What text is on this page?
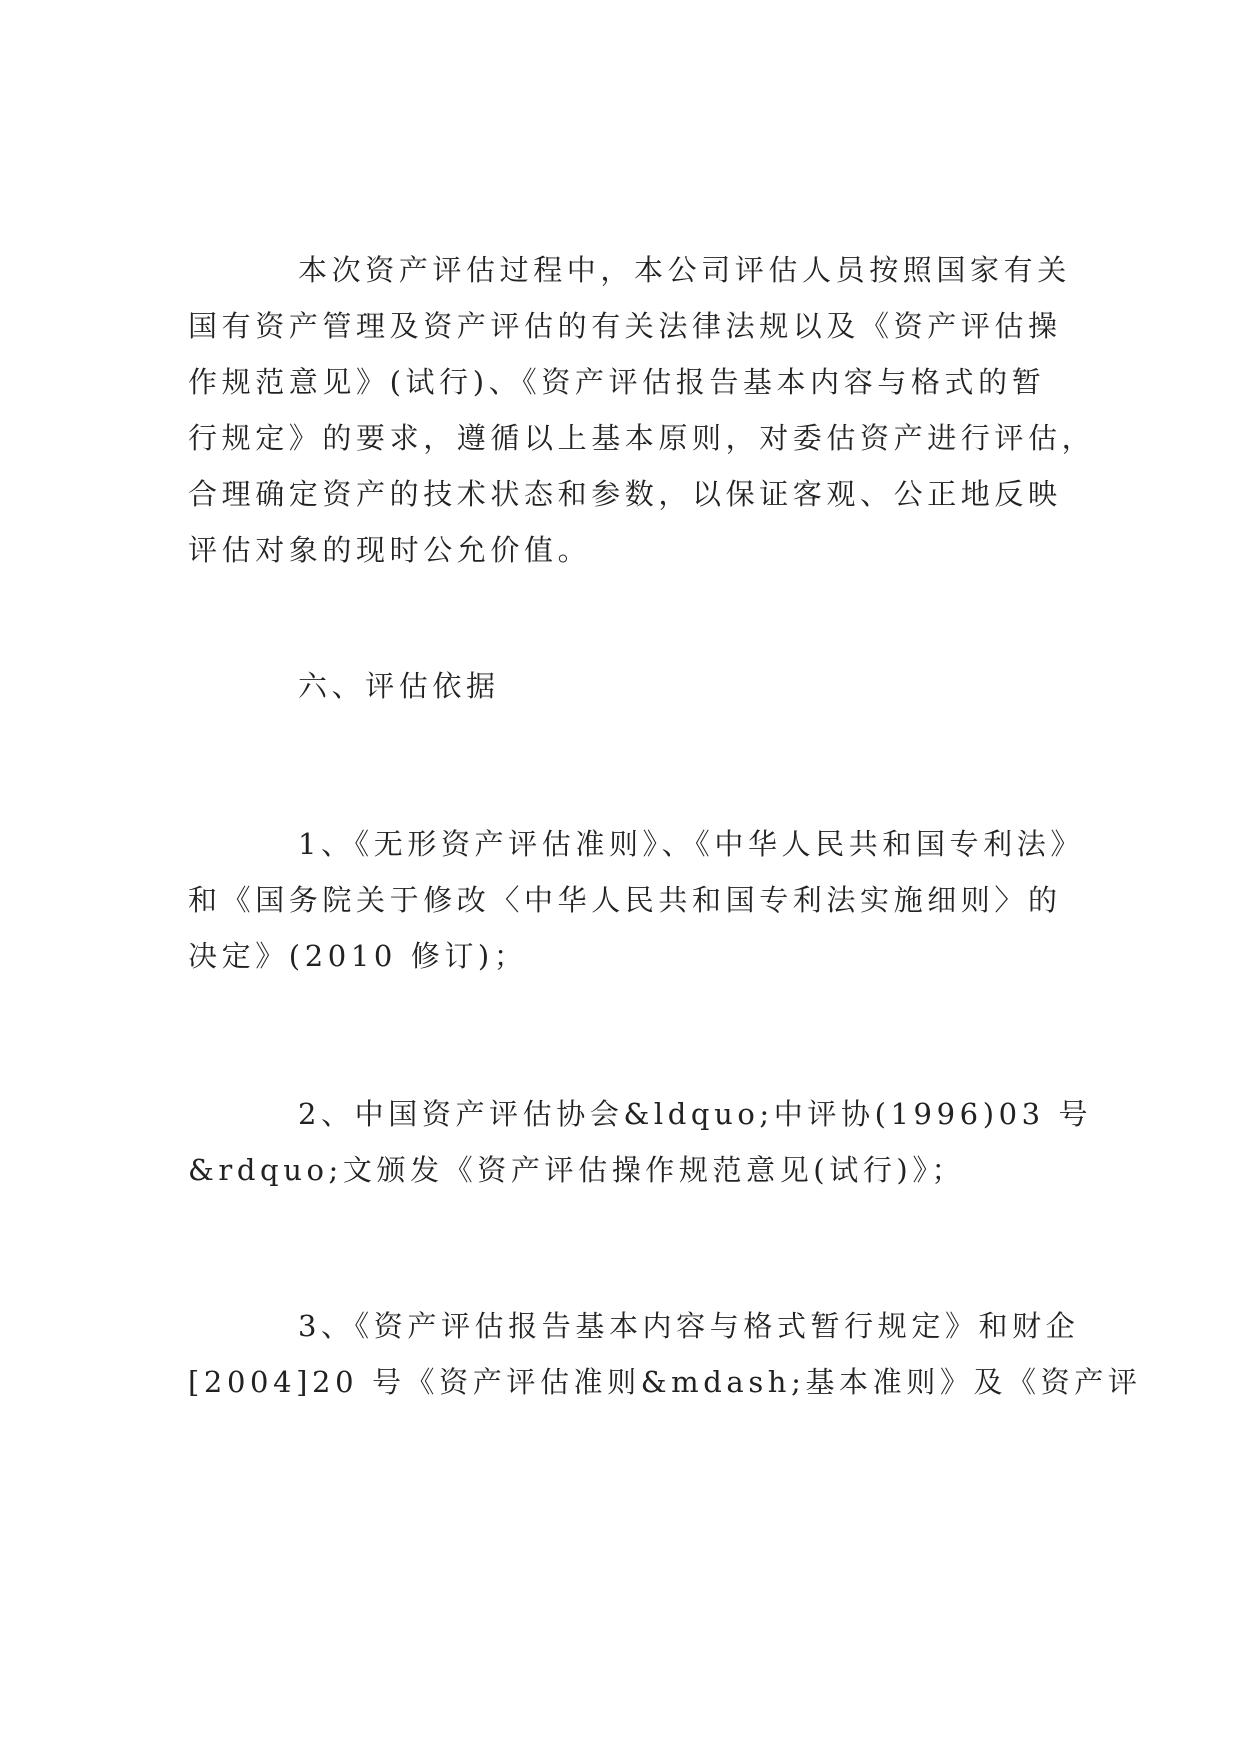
本次资产评估过程中，本公司评估人员按照国家有关
国有资产管理及资产评估的有关法律法规以及《资产评估操
作规范意见》(试行)、《资产评估报告基本内容与格式的暂
行规定》的要求，遵循以上基本原则，对委估资产进行评估，
合理确定资产的技术状态和参数，以保证客观、公正地反映
评估对象的现时公允价值。
六、评估依据
1、《无形资产评估准则》、《中华人民共和国专利法》
和《国务院关于修改〈中华人民共和国专利法实施细则〉的
决定》(2010 修订)；
2、中国资产评估协会&ldquo;中评协(1996)03 号
&rdquo;文颁发《资产评估操作规范意见(试行)》；
3、《资产评估报告基本内容与格式暂行规定》和财企
[2004]20 号《资产评估准则&mdash;基本准则》及《资产评
